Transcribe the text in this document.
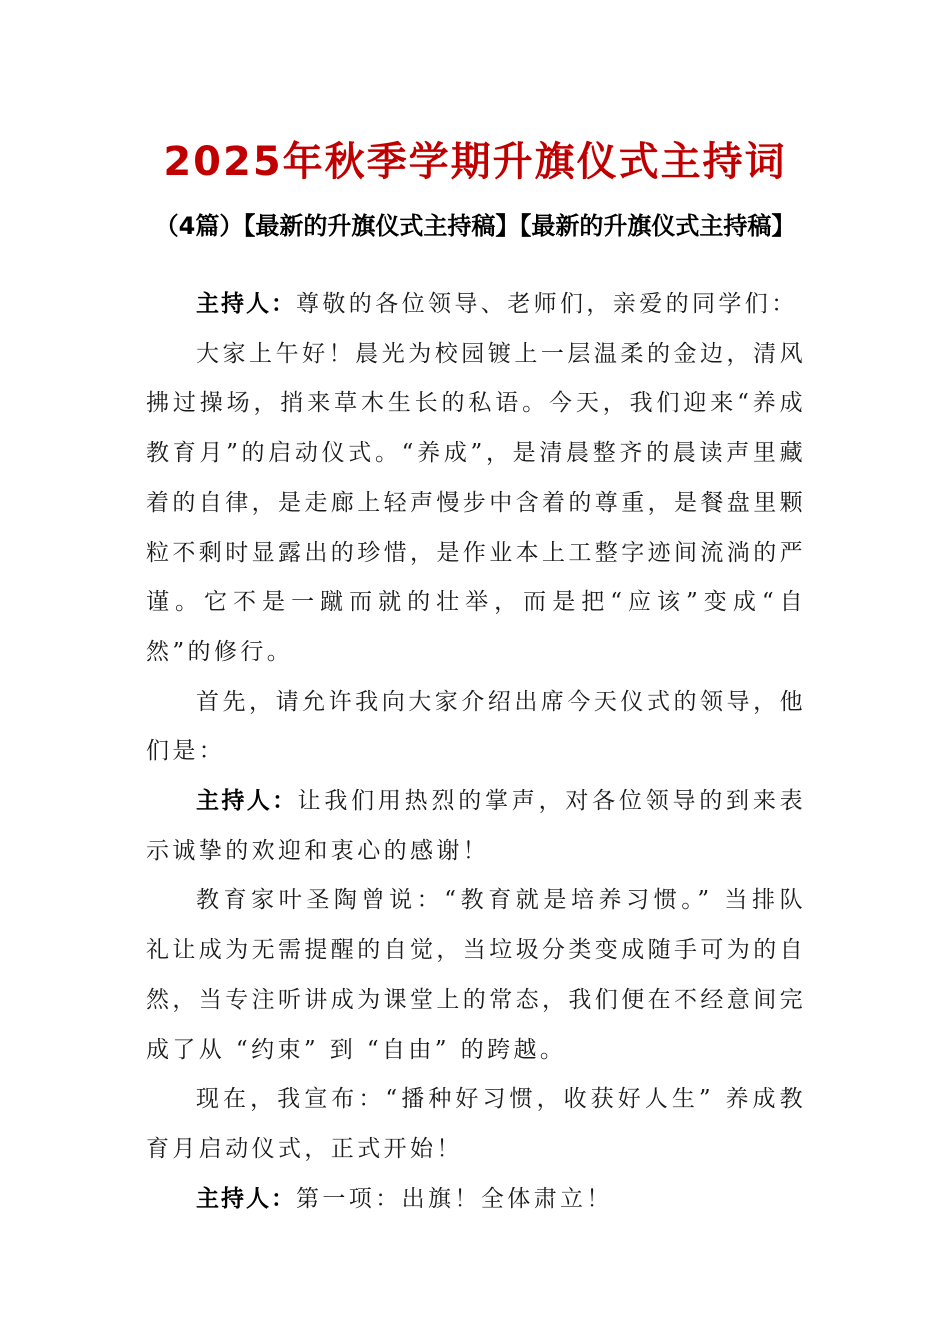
2025年秋季学期升旗仪式主持词
（4篇）【最新的升旗仪式主持稿】【最新的升旗仪式主持稿】

主持人：尊敬的各位领导、老师们，亲爱的同学们：

大家上午好！晨光为校园镀上一层温柔的金边，清风拂过操场，捎来草木生长的私语。今天，我们迎来“养成教育月”的启动仪式。“养成”，是清晨整齐的晨读声里藏着的自律，是走廊上轻声慢步中含着的尊重，是餐盘里颗粒不剩时显露出的珍惜，是作业本上工整字迹间流淌的严谨。它不是一蹴而就的壮举，而是把“应该”变成“自然”的修行。

首先，请允许我向大家介绍出席今天仪式的领导，他们是：

主持人：让我们用热烈的掌声，对各位领导的到来表示诚挚的欢迎和衷心的感谢！

教育家叶圣陶曾说：“教育就是培养习惯。” 当排队礼让成为无需提醒的自觉，当垃圾分类变成随手可为的自然，当专注听讲成为课堂上的常态，我们便在不经意间完成了从 “约束” 到 “自由” 的跨越。

现在，我宣布：“播种好习惯，收获好人生” 养成教育月启动仪式，正式开始！

主持人：第一项：出旗！全体肃立！
